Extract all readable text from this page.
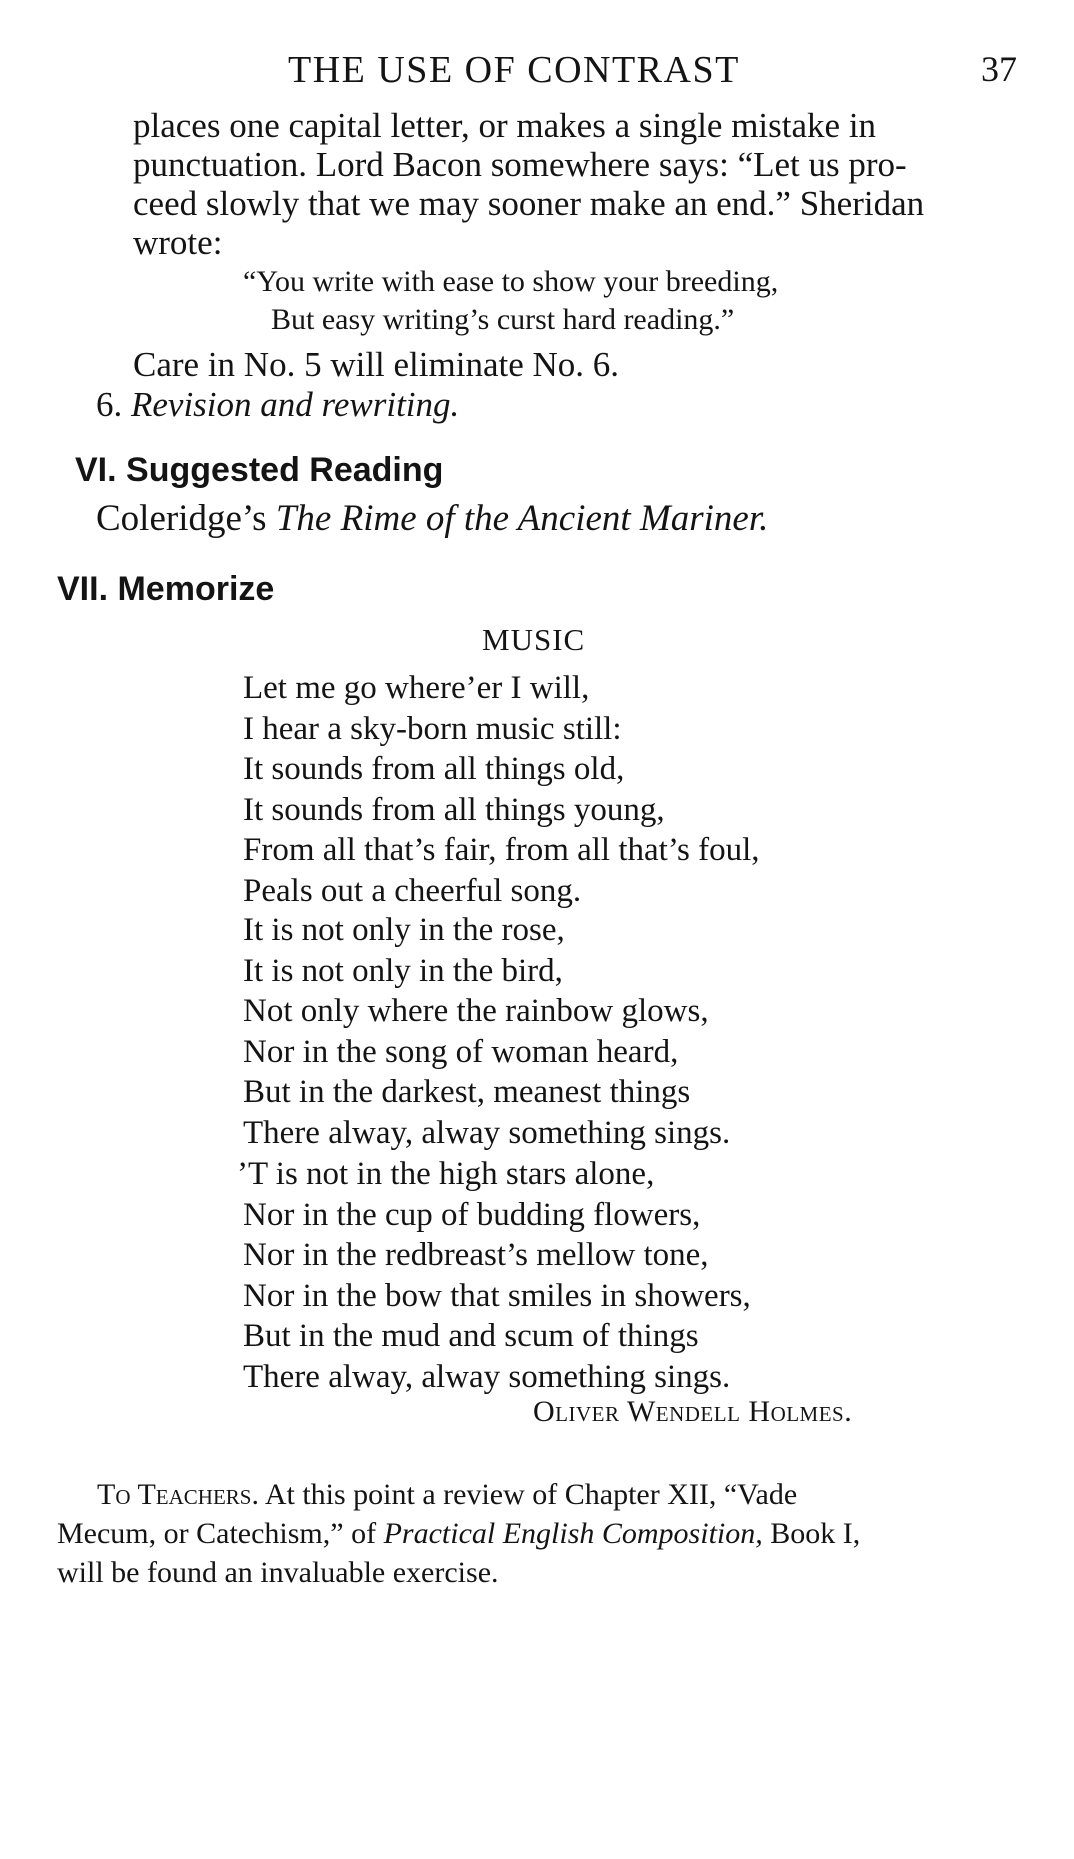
THE USE OF CONTRAST	37
places one capital letter, or makes a single mistake in
punctuation. Lord Bacon somewhere says: “Let us pro-
ceed slowly that we may sooner make an end.” Sheridan
wrote:
“You write with ease to show your breeding,
But easy writing’s curst hard reading.”
Care in No. 5 will eliminate No. 6.
6. Revision and rewriting.
VI. Suggested Reading
Coleridge’s The Rime of the Ancient Mariner.
VII. Memorize
MUSIC
Let me go where’er I will,
I hear a sky-born music still:
It sounds from all things old,
It sounds from all things young,
From all that’s fair, from all that’s foul,
Peals out a cheerful song.
It is not only in the rose,
It is not only in the bird,
Not only where the rainbow glows,
Nor in the song of woman heard,
But in the darkest, meanest things
There alway, alway something sings.
’T is not in the high stars alone,
Nor in the cup of budding flowers,
Nor in the redbreast’s mellow tone,
Nor in the bow that smiles in showers,
But in the mud and scum of things
There alway, alway something sings.
Oliver Wendell Holmes.
To Teachers. At this point a review of Chapter XII, “Vade
Mecum, or Catechism,” of Practical English Composition, Book I,
will be found an invaluable exercise.
